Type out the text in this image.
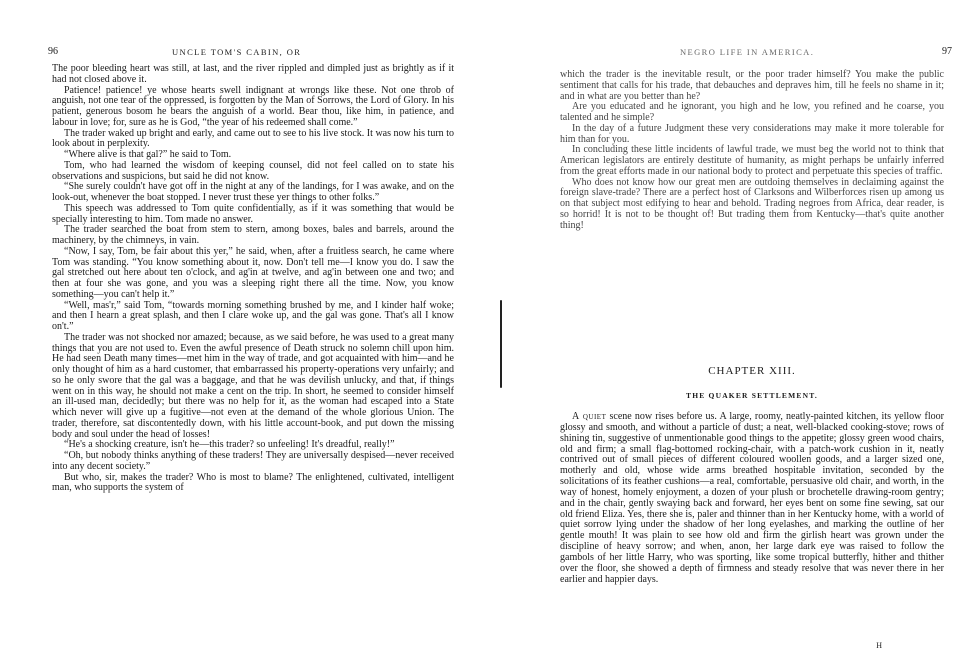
96	UNCLE TOM'S CABIN, OR

The poor bleeding heart was still, at last, and the river rippled and dimpled just as brightly as if it had not closed above it.

Patience! patience! ye whose hearts swell indignant at wrongs like these. Not one throb of anguish, not one tear of the oppressed, is forgotten by the Man of Sorrows, the Lord of Glory. In his patient, generous bosom he bears the anguish of a world. Bear thou, like him, in patience, and labour in love; for, sure as he is God, “the year of his redeemed shall come.”

The trader waked up bright and early, and came out to see to his live stock. It was now his turn to look about in perplexity.

“Where alive is that gal?” he said to Tom.

Tom, who had learned the wisdom of keeping counsel, did not feel called on to state his observations and suspicions, but said he did not know.

“She surely couldn't have got off in the night at any of the landings, for I was awake, and on the look-out, whenever the boat stopped. I never trust these yer things to other folks.”

This speech was addressed to Tom quite confidentially, as if it was something that would be specially interesting to him. Tom made no answer.

The trader searched the boat from stem to stern, among boxes, bales and barrels, around the machinery, by the chimneys, in vain.

“Now, I say, Tom, be fair about this yer,” he said, when, after a fruitless search, he came where Tom was standing. “You know something about it, now. Don't tell me—I know you do. I saw the gal stretched out here about ten o'clock, and ag'in at twelve, and ag'in between one and two; and then at four she was gone, and you was a sleeping right there all the time. Now, you know something—you can't help it.”

“Well, mas'r,” said Tom, “towards morning something brushed by me, and I kinder half woke; and then I hearn a great splash, and then I clare woke up, and the gal was gone. That's all I know on't.”

The trader was not shocked nor amazed; because, as we said before, he was used to a great many things that you are not used to. Even the awful presence of Death struck no solemn chill upon him. He had seen Death many times—met him in the way of trade, and got acquainted with him—and he only thought of him as a hard customer, that embarrassed his property-operations very unfairly; and so he only swore that the gal was a baggage, and that he was devilish unlucky, and that, if things went on in this way, he should not make a cent on the trip. In short, he seemed to consider himself an ill-used man, decidedly; but there was no help for it, as the woman had escaped into a State which never will give up a fugitive—not even at the demand of the whole glorious Union. The trader, therefore, sat discontentedly down, with his little account-book, and put down the missing body and soul under the head of losses!

“He's a shocking creature, isn't he—this trader? so unfeeling! It's dreadful, really!”

“Oh, but nobody thinks anything of these traders! They are universally despised—never received into any decent society.”

But who, sir, makes the trader? Who is most to blame? The enlightened, cultivated, intelligent man, who supports the system of

NEGRO LIFE IN AMERICA.	97

which the trader is the inevitable result, or the poor trader himself? You make the public sentiment that calls for his trade, that debauches and depraves him, till he feels no shame in it; and in what are you better than he?

Are you educated and he ignorant, you high and he low, you refined and he coarse, you talented and he simple?

In the day of a future Judgment these very considerations may make it more tolerable for him than for you.

In concluding these little incidents of lawful trade, we must beg the world not to think that American legislators are entirely destitute of humanity, as might perhaps be unfairly inferred from the great efforts made in our national body to protect and perpetuate this species of traffic.

Who does not know how our great men are outdoing themselves in declaiming against the foreign slave-trade? There are a perfect host of Clarksons and Wilberforces risen up among us on that subject most edifying to hear and behold. Trading negroes from Africa, dear reader, is so horrid! It is not to be thought of! But trading them from Kentucky—that's quite another thing!

CHAPTER XIII.
THE QUAKER SETTLEMENT.

A quiet scene now rises before us. A large, roomy, neatly-painted kitchen, its yellow floor glossy and smooth, and without a particle of dust; a neat, well-blacked cooking-stove; rows of shining tin, suggestive of unmentionable good things to the appetite; glossy green wood chairs, old and firm; a small flag-bottomed rocking-chair, with a patch-work cushion in it, neatly contrived out of small pieces of different coloured woollen goods, and a larger sized one, motherly and old, whose wide arms breathed hospitable invitation, seconded by the solicitations of its feather cushions—a real, comfortable, persuasive old chair, and worth, in the way of honest, homely enjoyment, a dozen of your plush or brochetelle drawing-room gentry; and in the chair, gently swaying back and forward, her eyes bent on some fine sewing, sat our old friend Eliza. Yes, there she is, paler and thinner than in her Kentucky home, with a world of quiet sorrow lying under the shadow of her long eyelashes, and marking the outline of her gentle mouth! It was plain to see how old and firm the girlish heart was grown under the discipline of heavy sorrow; and when, anon, her large dark eye was raised to follow the gambols of her little Harry, who was sporting, like some tropical butterfly, hither and thither over the floor, she showed a depth of firmness and steady resolve that was never there in her earlier and happier days.

H
